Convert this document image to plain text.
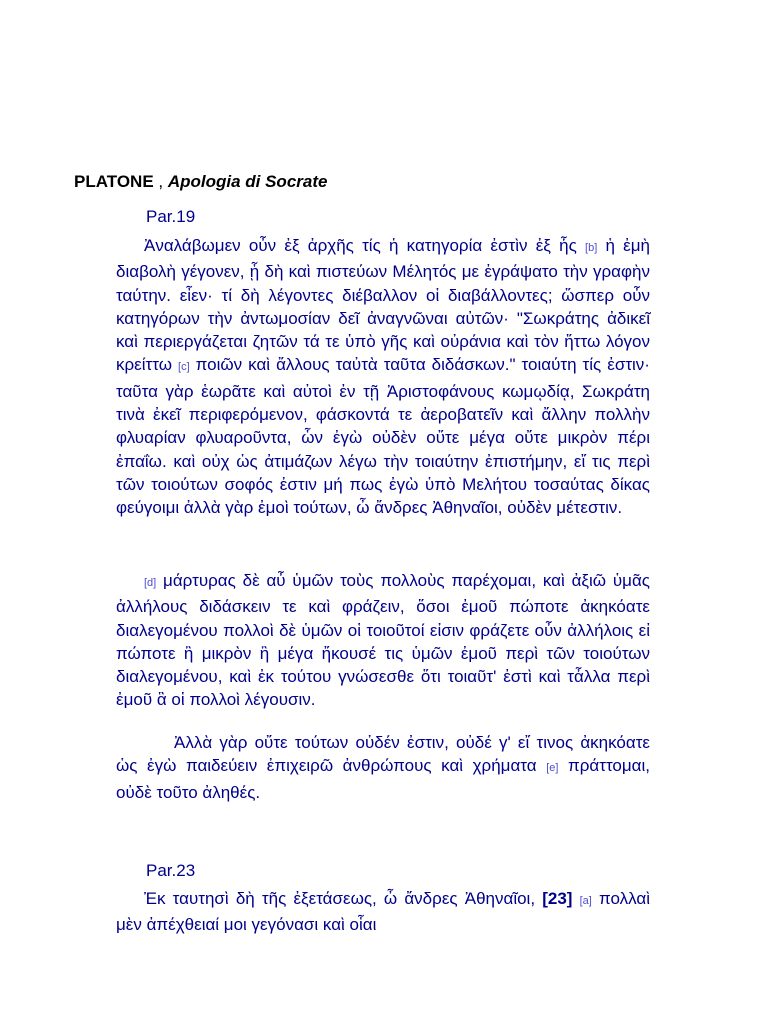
PLATONE , Apologia di Socrate
Par.19
Ἀναλάβωμεν οὖν ἐξ ἀρχῆς τίς ἡ κατηγορία ἐστὶν ἐξ ἧς [b] ἡ ἐμὴ διαβολὴ γέγονεν, ᾗ δὴ καὶ πιστεύων Μέλητός με ἐγράψατο τὴν γραφὴν ταύτην. εἶεν· τί δὴ λέγοντες διέβαλλον οἱ διαβάλλοντες; ὥσπερ οὖν κατηγόρων τὴν ἀντωμοσίαν δεῖ ἀναγνῶναι αὐτῶν· "Σωκράτης ἀδικεῖ καὶ περιεργάζεται ζητῶν τά τε ὑπὸ γῆς καὶ οὐράνια καὶ τὸν ἥττω λόγον κρείττω [c] ποιῶν καὶ ἄλλους ταὐτὰ ταῦτα διδάσκων." τοιαύτη τίς ἐστιν· ταῦτα γὰρ ἑωρᾶτε καὶ αὐτοὶ ἐν τῇ Ἀριστοφάνους κωμῳδίᾳ, Σωκράτη τινὰ ἐκεῖ περιφερόμενον, φάσκοντά τε ἀεροβατεῖν καὶ ἄλλην πολλὴν φλυαρίαν φλυαροῦντα, ὧν ἐγὼ οὐδὲν οὔτε μέγα οὔτε μικρὸν πέρι ἐπαΐω. καὶ οὐχ ὡς ἀτιμάζων λέγω τὴν τοιαύτην ἐπιστήμην, εἴ τις περὶ τῶν τοιούτων σοφός ἐστιν μή πως ἐγὼ ὑπὸ Μελήτου τοσαύτας δίκας φεύγοιμι ἀλλὰ γὰρ ἐμοὶ τούτων, ὦ ἄνδρες Ἀθηναῖοι, οὐδὲν μέτεστιν.
[d] μάρτυρας δὲ αὖ ὑμῶν τοὺς πολλοὺς παρέχομαι, καὶ ἀξιῶ ὑμᾶς ἀλλήλους διδάσκειν τε καὶ φράζειν, ὅσοι ἐμοῦ πώποτε ἀκηκόατε διαλεγομένου πολλοὶ δὲ ὑμῶν οἱ τοιοῦτοί εἰσιν φράζετε οὖν ἀλλήλοις εἰ πώποτε ἢ μικρὸν ἢ μέγα ἤκουσέ τις ὑμῶν ἐμοῦ περὶ τῶν τοιούτων διαλεγομένου, καὶ ἐκ τούτου γνώσεσθε ὅτι τοιαῦτ' ἐστὶ καὶ τἆλλα περὶ ἐμοῦ ἃ οἱ πολλοὶ λέγουσιν.
Ἀλλὰ γὰρ οὔτε τούτων οὐδέν ἐστιν, οὐδέ γ' εἴ τινος ἀκηκόατε ὡς ἐγὼ παιδεύειν ἐπιχειρῶ ἀνθρώπους καὶ χρήματα [e] πράττομαι, οὐδὲ τοῦτο ἀληθές.
Par.23
Ἐκ ταυτησὶ δὴ τῆς ἐξετάσεως, ὦ ἄνδρες Ἀθηναῖοι, [23] [a] πολλαὶ μὲν ἀπέχθειαί μοι γεγόνασι καὶ οἷαι
